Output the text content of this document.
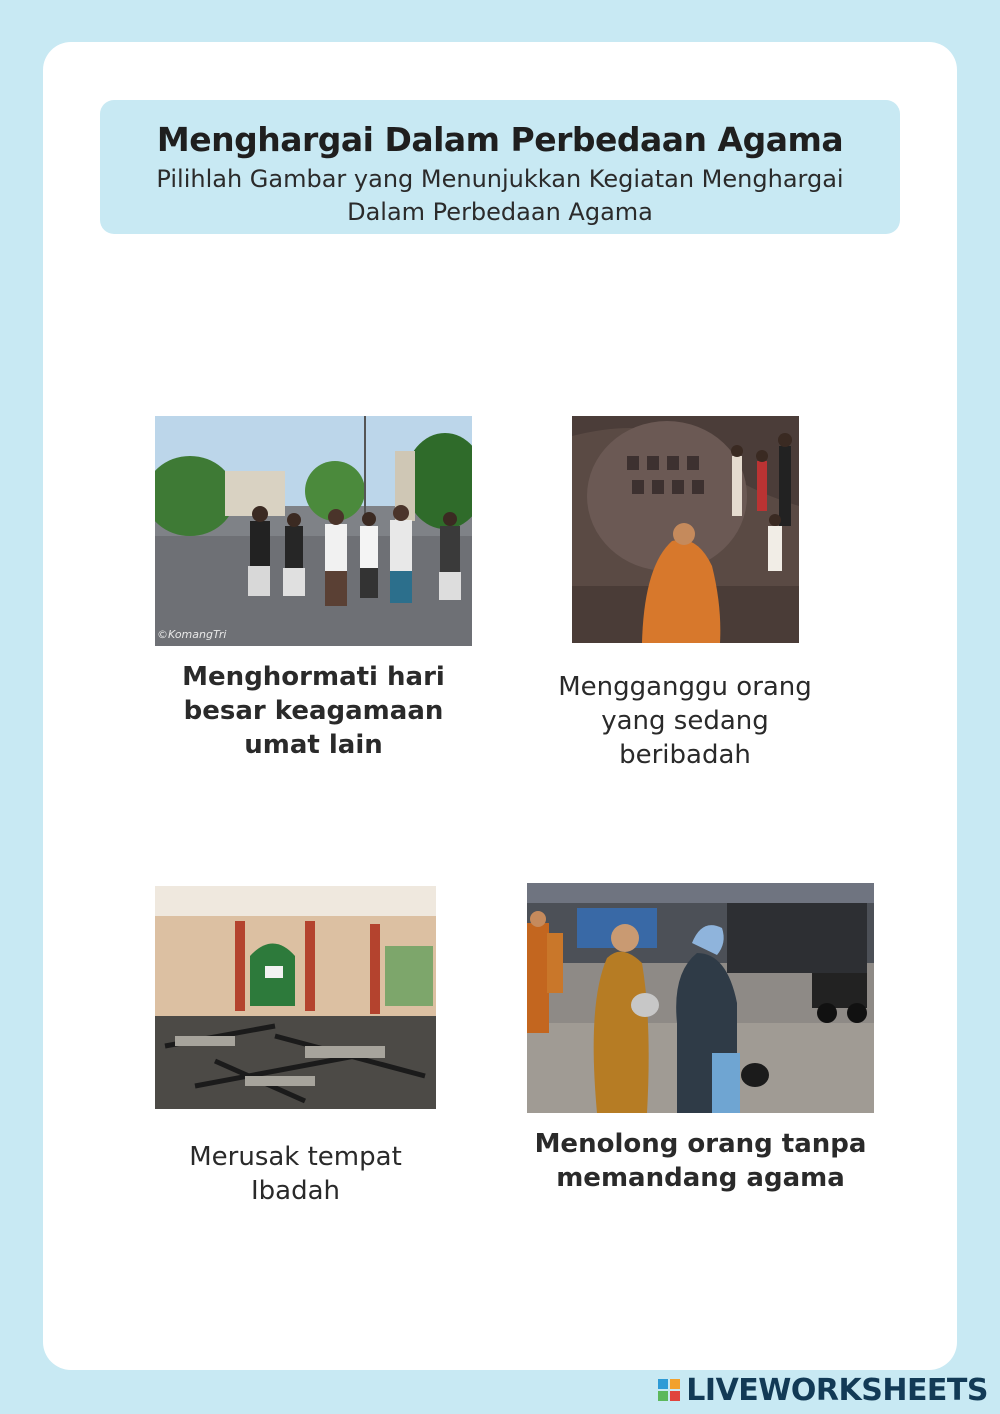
Menghargai Dalam Perbedaan Agama
Pilihlah Gambar yang Menunjukkan Kegiatan Menghargai Dalam Perbedaan Agama
©KomangTri
Menghormati hari besar keagamaan umat lain
Mengganggu orang yang sedang beribadah
Merusak tempat Ibadah
Menolong orang tanpa memandang agama
LIVEWORKSHEETS
